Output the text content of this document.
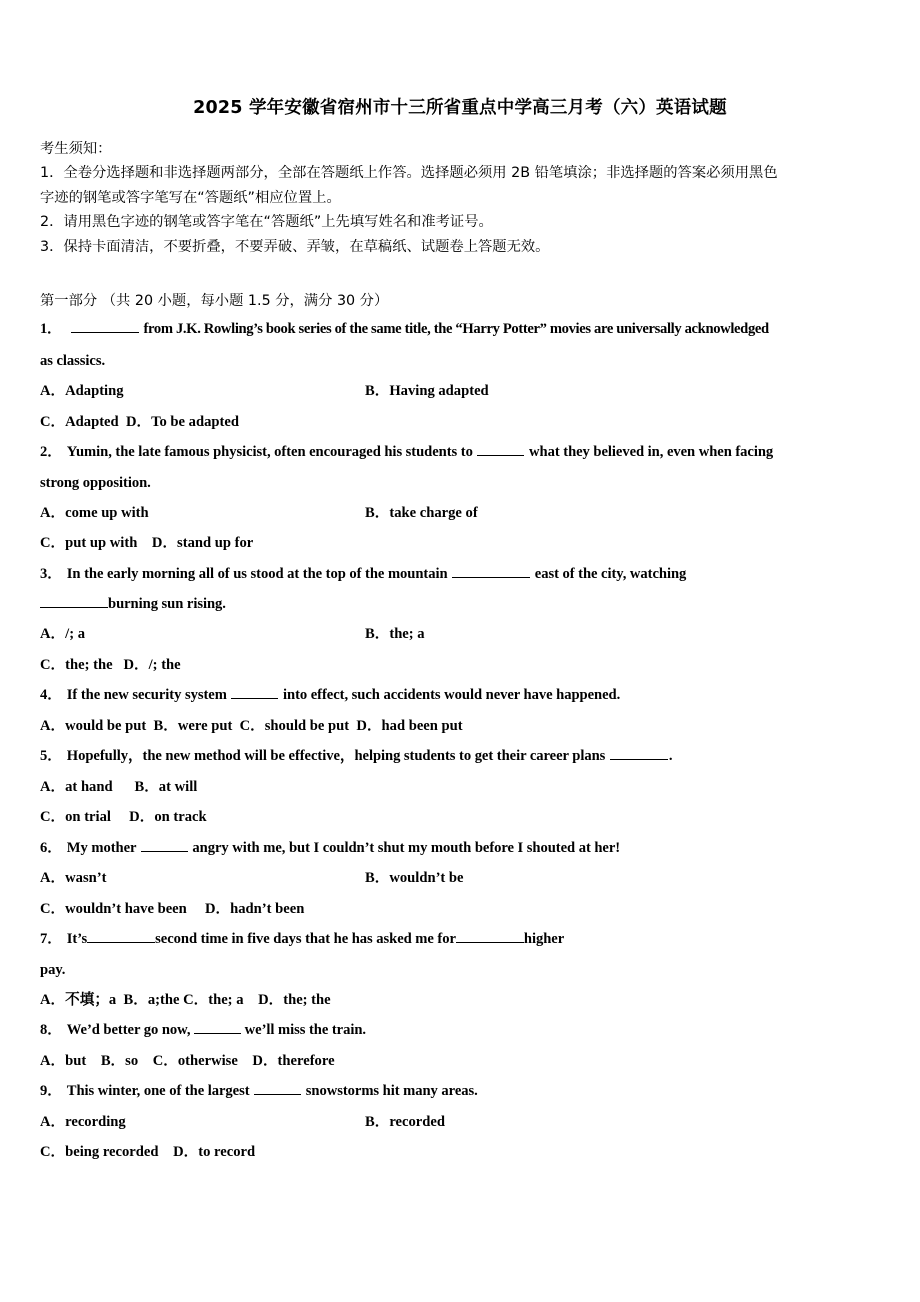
2025 学年安徽省宿州市十三所省重点中学高三月考（六）英语试题

考生须知：

1．全卷分选择题和非选择题两部分，全部在答题纸上作答。选择题必须用 2B 铅笔填涂；非选择题的答案必须用黑色

字迹的钢笔或答字笔写在“答题纸”相应位置上。

2．请用黑色字迹的钢笔或答字笔在“答题纸”上先填写姓名和准考证号。

3．保持卡面清洁，不要折叠，不要弄破、弄皱，在草稿纸、试题卷上答题无效。

第一部分 （共 20 小题，每小题 1.5 分，满分 30 分）

1．	from J.K. Rowling’s book series of the same title, the “Harry Potter” movies are universally acknowledged

as classics.

A．Adapting	B．Having adapted

C．Adapted  D．To be adapted

2． Yumin, the late famous physicist, often encouraged his students to	what they believed in, even when facing

strong opposition.

A．come up with	B．take charge of

C．put up with    D．stand up for

3． In the early morning all of us stood at the top of the mountain	east of the city, watching

burning sun rising.

A．/; a	B．the; a

C．the; the   D．/; the

4． If the new security system	into effect, such accidents would never have happened.

A．would be put  B．were put  C．should be put  D．had been put

5． Hopefully，the new method will be effective，helping students to get their career plans	.

A．at hand      B．at will

C．on trial     D．on track

6． My mother	angry with me, but I couldn’t shut my mouth before I shouted at her!

A．wasn’t	B．wouldn’t be

C．wouldn’t have been     D．hadn’t been

7． It’s	second time in five days that he has asked me for	higher

pay.

A．不填；a  B．a;the C．the; a    D．the; the

8． We’d better go now,	we’ll miss the train.

A．but    B．so    C．otherwise    D．therefore

9． This winter, one of the largest	snowstorms hit many areas.

A．recording	B．recorded

C．being recorded    D．to record
